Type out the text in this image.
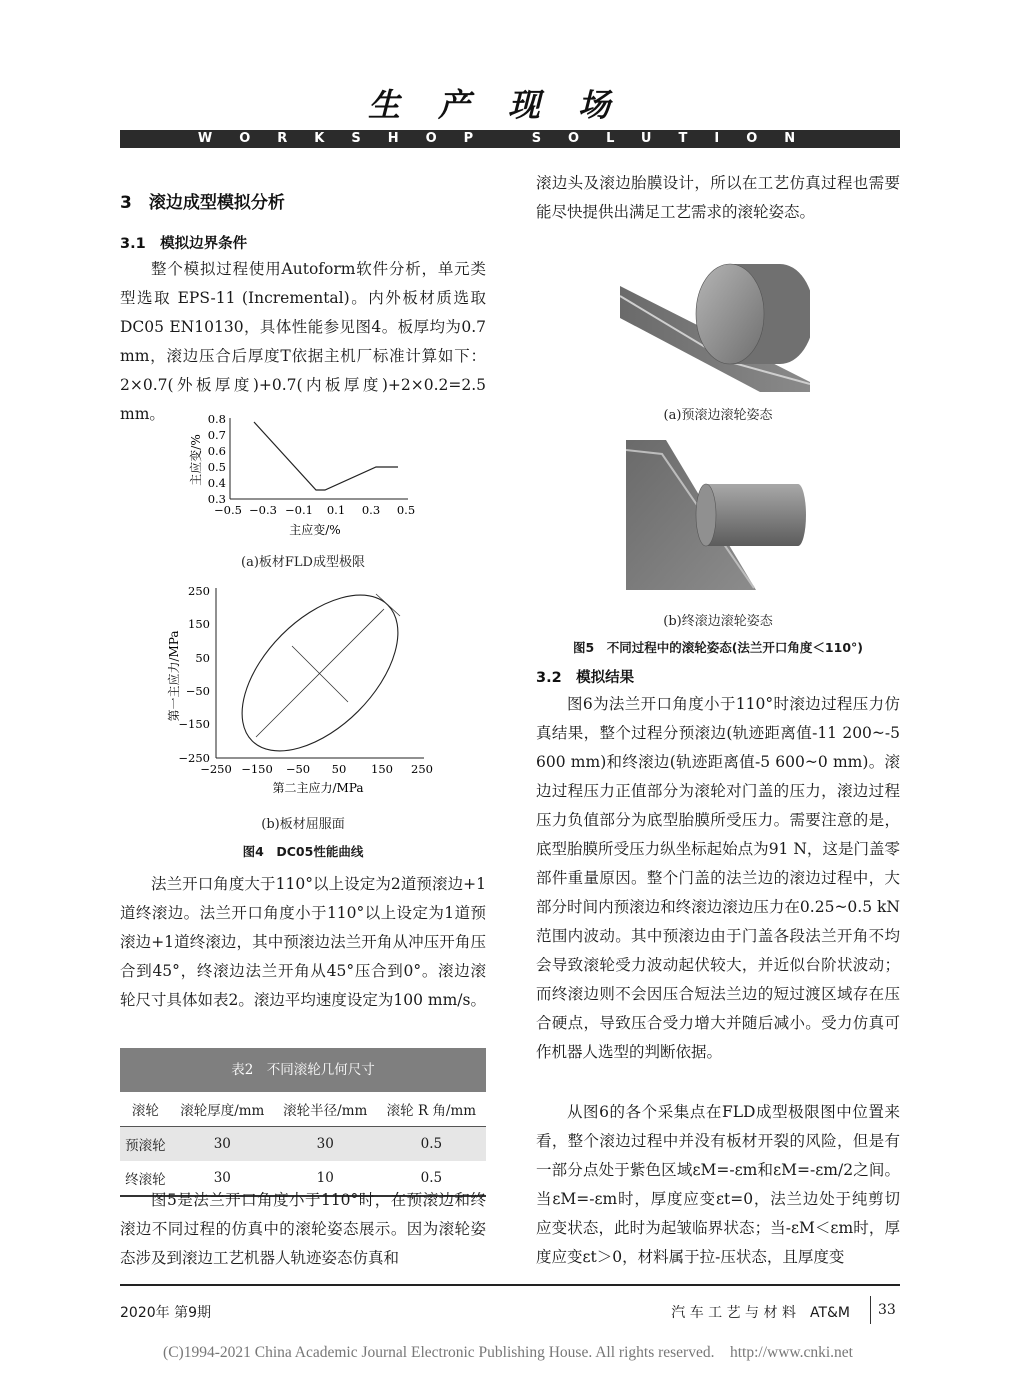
生产现场
WORKSHOP SOLUTION
3　滚边成型模拟分析
3.1　模拟边界条件

整个模拟过程使用Autoform软件分析，单元类型选取 EPS-11 (Incremental)。内外板材质选取 DC05 EN10130，具体性能参见图4。板厚均为0.7 mm，滚边压合后厚度T依据主机厂标准计算如下：2×0.7(外板厚度)+0.7(内板厚度)+2×0.2=2.5 mm。	0.8
0.7
0.6
0.5
0.4
0.3
−0.5 −0.3 −0.1 0.1 0.3 0.5
主应变/%
主应变/%
(a)板材FLD成型极限
250
150
50
−50
−150
−250
−250 −150 −50 50 150 250
第二主应力/MPa
第一主应力/MPa
(b)板材屈服面
图4　DC05性能曲线

法兰开口角度大于110°以上设定为2道预滚边+1道终滚边。法兰开口角度小于110°以上设定为1道预滚边+1道终滚边，其中预滚边法兰开角从冲压开角压合到45°，终滚边法兰开角从45°压合到0°。滚边滚轮尺寸具体如表2。滚边平均速度设定为100 mm/s。

表2　不同滚轮几何尺寸
滚轮	滚轮厚度/mm	滚轮半径/mm	滚轮 R 角/mm
预滚轮	30	30	0.5
终滚轮	30	10	0.5

图5是法兰开口角度小于110°时，在预滚边和终滚边不同过程的仿真中的滚轮姿态展示。因为滚轮姿态涉及到滚边工艺机器人轨迹姿态仿真和

滚边头及滚边胎膜设计，所以在工艺仿真过程也需要能尽快提供出满足工艺需求的滚轮姿态。

(a)预滚边滚轮姿态
(b)终滚边滚轮姿态
图5　不同过程中的滚轮姿态(法兰开口角度＜110°)
3.2　模拟结果

图6为法兰开口角度小于110°时滚边过程压力仿真结果，整个过程分预滚边(轨迹距离值-11 200~-5 600 mm)和终滚边(轨迹距离值-5 600~0 mm)。滚边过程压力正值部分为滚轮对门盖的压力，滚边过程压力负值部分为底型胎膜所受压力。需要注意的是，底型胎膜所受压力纵坐标起始点为91 N，这是门盖零部件重量原因。整个门盖的法兰边的滚边过程中，大部分时间内预滚边和终滚边滚边压力在0.25~0.5 kN范围内波动。其中预滚边由于门盖各段法兰开角不均会导致滚轮受力波动起伏较大，并近似台阶状波动；而终滚边则不会因压合短法兰边的短过渡区域存在压合硬点，导致压合受力增大并随后减小。受力仿真可作机器人选型的判断依据。

从图6的各个采集点在FLD成型极限图中位置来看，整个滚边过程中并没有板材开裂的风险，但是有一部分点处于紫色区域εM=-εm和εM=-εm/2之间。当εM=-εm时，厚度应变εt=0，法兰边处于纯剪切应变状态，此时为起皱临界状态；当-εM＜εm时，厚度应变εt＞0，材料属于拉-压状态，且厚度变

2020年 第9期	汽 车 工 艺 与 材 料　AT&M 33
(C)1994-2021 China Academic Journal Electronic Publishing House. All rights reserved.　http://www.cnki.net
